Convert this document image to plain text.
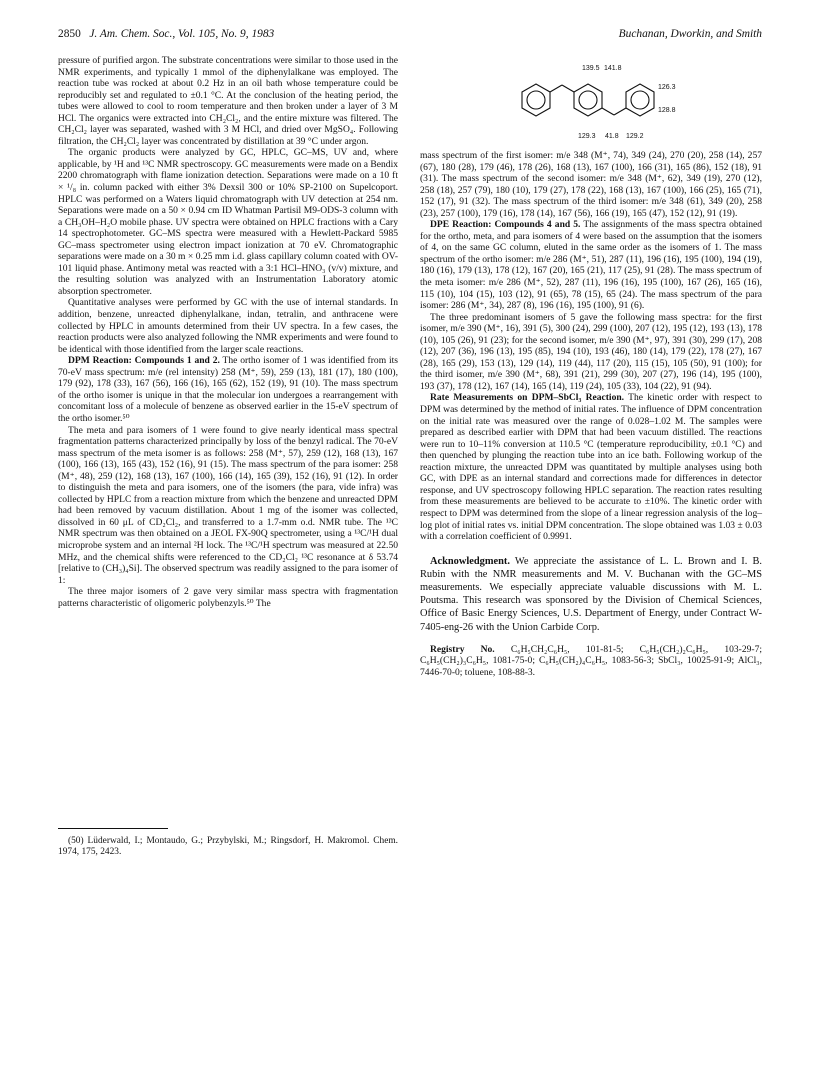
2850 J. Am. Chem. Soc., Vol. 105, No. 9, 1983	Buchanan, Dworkin, and Smith

pressure of purified argon. The substrate concentrations were similar to those used in the NMR experiments, and typically 1 mmol of the diphenylalkane was employed. The reaction tube was rocked at about 0.2 Hz in an oil bath whose temperature could be reproducibly set and regulated to ±0.1 °C. At the conclusion of the heating period, the tubes were allowed to cool to room temperature and then broken under a layer of 3 M HCl. The organics were extracted into CH₂Cl₂, and the entire mixture was filtered. The CH₂Cl₂ layer was separated, washed with 3 M HCl, and dried over MgSO₄. Following filtration, the CH₂Cl₂ layer was concentrated by distillation at 39 °C under argon.

The organic products were analyzed by GC, HPLC, GC–MS, UV and, where applicable, by ¹H and ¹³C NMR spectroscopy. GC measurements were made on a Bendix 2200 chromatograph with flame ionization detection. Separations were made on a 10 ft × ¹/₈ in. column packed with either 3% Dexsil 300 or 10% SP-2100 on Supelcoport. HPLC was performed on a Waters liquid chromatograph with UV detection at 254 nm. Separations were made on a 50 × 0.94 cm ID Whatman Partisil M9-ODS-3 column with a CH₃OH–H₂O mobile phase. UV spectra were obtained on HPLC fractions with a Cary 14 spectrophotometer. GC–MS spectra were measured with a Hewlett-Packard 5985 GC–mass spectrometer using electron impact ionization at 70 eV. Chromatographic separations were made on a 30 m × 0.25 mm i.d. glass capillary column coated with OV-101 liquid phase. Antimony metal was reacted with a 3:1 HCl–HNO₃ (v/v) mixture, and the resulting solution was analyzed with an Instrumentation Laboratory atomic absorption spectrometer.

Quantitative analyses were performed by GC with the use of internal standards. In addition, benzene, unreacted diphenylalkane, indan, tetralin, and anthracene were collected by HPLC in amounts determined from their UV spectra. In a few cases, the reaction products were also analyzed following the NMR experiments and were found to be identical with those identified from the larger scale reactions.

DPM Reaction: Compounds 1 and 2. The ortho isomer of 1 was identified from its 70-eV mass spectrum: m/e (rel intensity) 258 (M⁺, 59), 259 (13), 181 (17), 180 (100), 179 (92), 178 (33), 167 (56), 166 (16), 165 (62), 152 (19), 91 (10). The mass spectrum of the ortho isomer is unique in that the molecular ion undergoes a rearrangement with concomitant loss of a molecule of benzene as observed earlier in the 15-eV spectrum of the ortho isomer.⁵⁰

The meta and para isomers of 1 were found to give nearly identical mass spectral fragmentation patterns characterized principally by loss of the benzyl radical. The 70-eV mass spectrum of the meta isomer is as follows: 258 (M⁺, 57), 259 (12), 168 (13), 167 (100), 166 (13), 165 (43), 152 (16), 91 (15). The mass spectrum of the para isomer: 258 (M⁺, 48), 259 (12), 168 (13), 167 (100), 166 (14), 165 (39), 152 (16), 91 (12). In order to distinguish the meta and para isomers, one of the isomers (the para, vide infra) was collected by HPLC from a reaction mixture from which the benzene and unreacted DPM had been removed by vacuum distillation. About 1 mg of the isomer was collected, dissolved in 60 μL of CD₂Cl₂, and transferred to a 1.7-mm o.d. NMR tube. The ¹³C NMR spectrum was then obtained on a JEOL FX-90Q spectrometer, using a ¹³C/¹H dual microprobe system and an internal ²H lock. The ¹³C/¹H spectrum was measured at 22.50 MHz, and the chemical shifts were referenced to the CD₂Cl₂ ¹³C resonance at δ 53.74 [relative to (CH₃)₄Si]. The observed spectrum was readily assigned to the para isomer of 1:

The three major isomers of 2 gave very similar mass spectra with fragmentation patterns characteristic of oligomeric polybenzyls.⁵⁰ The

(50) Lüderwald, I.; Montaudo, G.; Przybylski, M.; Ringsdorf, H. Makromol. Chem. 1974, 175, 2423.

139.5 141.8
126.3
128.8
129.3 41.8 129.2

mass spectrum of the first isomer: m/e 348 (M⁺, 74), 349 (24), 270 (20), 258 (14), 257 (67), 180 (28), 179 (46), 178 (26), 168 (13), 167 (100), 166 (31), 165 (86), 152 (18), 91 (31). The mass spectrum of the second isomer: m/e 348 (M⁺, 62), 349 (19), 270 (12), 258 (18), 257 (79), 180 (10), 179 (27), 178 (22), 168 (13), 167 (100), 166 (25), 165 (71), 152 (17), 91 (32). The mass spectrum of the third isomer: m/e 348 (61), 349 (20), 258 (23), 257 (100), 179 (16), 178 (14), 167 (56), 166 (19), 165 (47), 152 (12), 91 (19).

DPE Reaction: Compounds 4 and 5. The assignments of the mass spectra obtained for the ortho, meta, and para isomers of 4 were based on the assumption that the isomers of 4, on the same GC column, eluted in the same order as the isomers of 1. The mass spectrum of the ortho isomer: m/e 286 (M⁺, 51), 287 (11), 196 (16), 195 (100), 194 (19), 180 (16), 179 (13), 178 (12), 167 (20), 165 (21), 117 (25), 91 (28). The mass spectrum of the meta isomer: m/e 286 (M⁺, 52), 287 (11), 196 (16), 195 (100), 167 (26), 165 (16), 115 (10), 104 (15), 103 (12), 91 (65), 78 (15), 65 (24). The mass spectrum of the para isomer: 286 (M⁺, 34), 287 (8), 196 (16), 195 (100), 91 (6).

The three predominant isomers of 5 gave the following mass spectra: for the first isomer, m/e 390 (M⁺, 16), 391 (5), 300 (24), 299 (100), 207 (12), 195 (12), 193 (13), 178 (10), 105 (26), 91 (23); for the second isomer, m/e 390 (M⁺, 97), 391 (30), 299 (17), 208 (12), 207 (36), 196 (13), 195 (85), 194 (10), 193 (46), 180 (14), 179 (22), 178 (27), 167 (28), 165 (29), 153 (13), 129 (14), 119 (44), 117 (20), 115 (15), 105 (50), 91 (100); for the third isomer, m/e 390 (M⁺, 68), 391 (21), 299 (30), 207 (27), 196 (14), 195 (100), 193 (37), 178 (12), 167 (14), 165 (14), 119 (24), 105 (33), 104 (22), 91 (94).

Rate Measurements on DPM–SbCl₃ Reaction. The kinetic order with respect to DPM was determined by the method of initial rates. The influence of DPM concentration on the initial rate was measured over the range of 0.028–1.02 M. The samples were prepared as described earlier with DPM that had been vacuum distilled. The reactions were run to 10–11% conversion at 110.5 °C (temperature reproducibility, ±0.1 °C) and then quenched by plunging the reaction tube into an ice bath. Following workup of the reaction mixture, the unreacted DPM was quantitated by multiple analyses using both GC, with DPE as an internal standard and corrections made for differences in detector response, and UV spectroscopy following HPLC separation. The reaction rates resulting from these measurements are believed to be accurate to ±10%. The kinetic order with respect to DPM was determined from the slope of a linear regression analysis of the log–log plot of initial rates vs. initial DPM concentration. The slope obtained was 1.03 ± 0.03 with a correlation coefficient of 0.9991.

Acknowledgment. We appreciate the assistance of L. L. Brown and I. B. Rubin with the NMR measurements and M. V. Buchanan with the GC–MS measurements. We especially appreciate valuable discussions with M. L. Poutsma. This research was sponsored by the Division of Chemical Sciences, Office of Basic Energy Sciences, U.S. Department of Energy, under Contract W-7405-eng-26 with the Union Carbide Corp.

Registry No. C₆H₅CH₂C₆H₅, 101-81-5; C₆H₅(CH₂)₂C₆H₅, 103-29-7; C₆H₅(CH₂)₃C₆H₅, 1081-75-0; C₆H₅(CH₂)₄C₆H₅, 1083-56-3; SbCl₃, 10025-91-9; AlCl₃, 7446-70-0; toluene, 108-88-3.
